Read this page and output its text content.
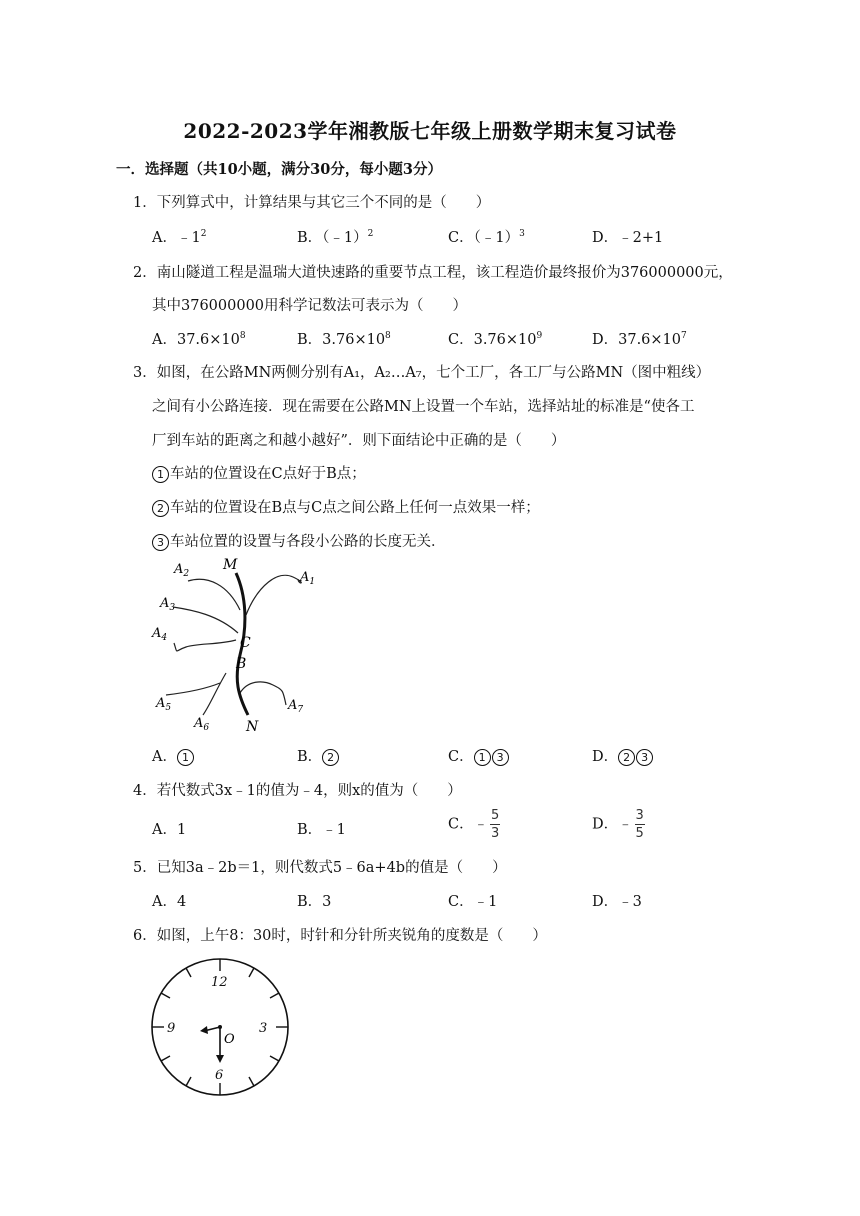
2022-2023学年湘教版七年级上册数学期末复习试卷
一．选择题（共10小题，满分30分，每小题3分）
1．下列算式中，计算结果与其它三个不同的是（　　）
A．$﹣1^2$	B．（﹣1）$^2$	C．（﹣1）$^3$	D．﹣2+1
2．南山隧道工程是温瑞大道快速路的重要节点工程，该工程造价最终报价为376000000元，
其中376000000用科学记数法可表示为（　　）
A．$37.6\times 10^8$	B．$3.76\times 10^8$	C．$3.76\times 10^9$	D．$37.6\times 10^7$
3．如图，在公路MN两侧分别有A₁，A₂…A₇，七个工厂，各工厂与公路MN（图中粗线）
之间有小公路连接．现在需要在公路MN上设置一个车站，选择站址的标准是“使各工
厂到车站的距离之和越小越好”．则下面结论中正确的是（　　）
1 车站的位置设在C点好于B点；
2 车站的位置设在B点与C点之间公路上任何一点效果一样；
3 车站位置的设置与各段小公路的长度无关．
M
N
C
B
$A_1$
$A_2$
$A_3$
$A_4$
$A_5$
$A_6$
$A_7$
A． 1	B． 2	C． 1 3	D． 2 3
4．若代数式3x﹣1的值为﹣4，则x的值为（　　）
A．1	B．﹣1	C．﹣ $\frac{5}{3}$	D．﹣ $\frac{3}{5}$
5．已知3a﹣2b＝1，则代数式5﹣6a+4b的值是（　　）
A．4	B．3	C．﹣1	D．﹣3
6．如图，上午8：30时，时针和分针所夹锐角的度数是（　　）
12
3
6
9
O
